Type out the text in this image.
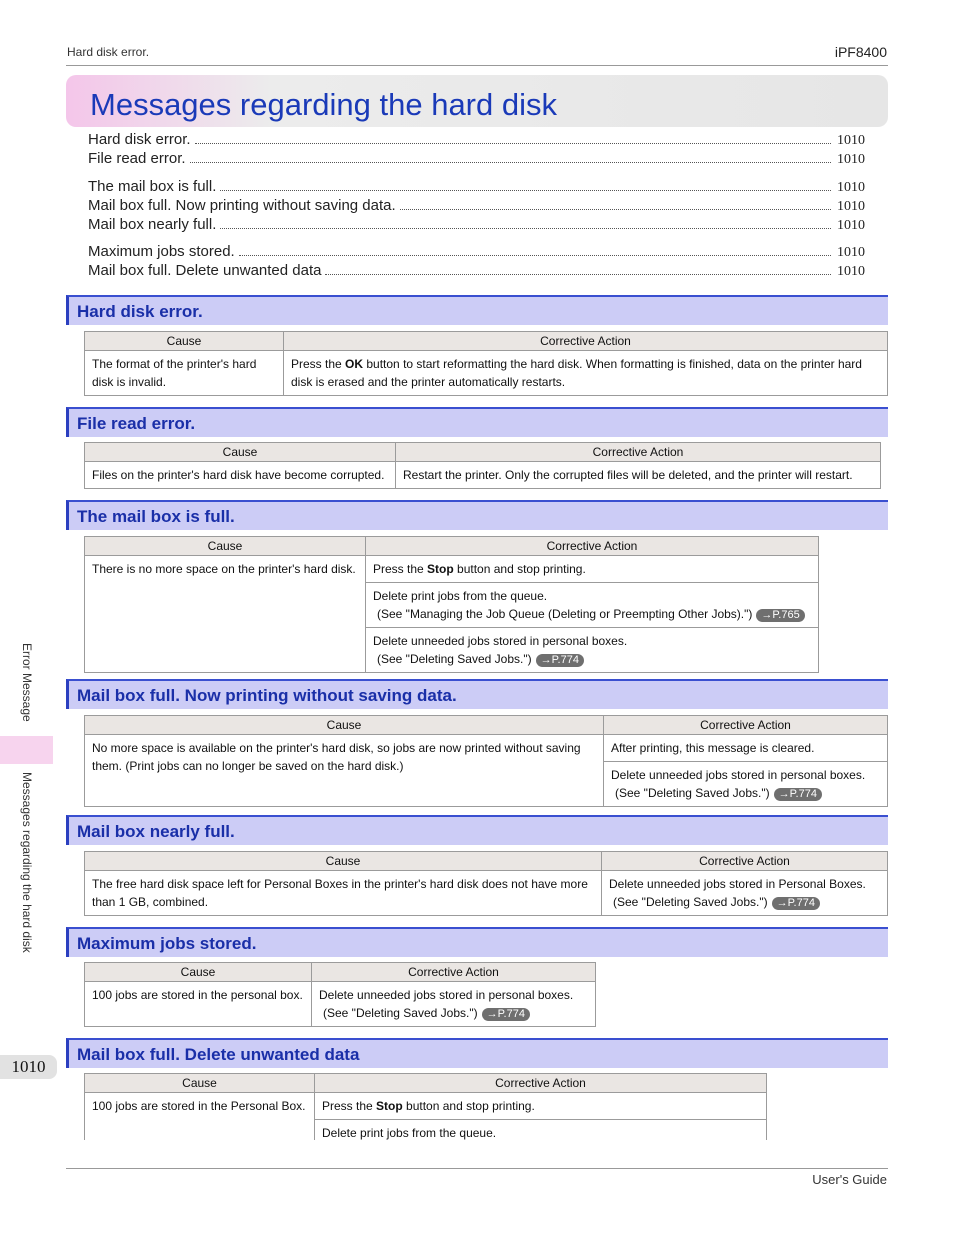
Hard disk error.	iPF8400
Messages regarding the hard disk
Hard disk error.	1010
File read error.	1010
The mail box is full.	1010
Mail box full. Now printing without saving data.	1010
Mail box nearly full.	1010
Maximum jobs stored.	1010
Mail box full. Delete unwanted data	1010
Hard disk error.
Cause	Corrective Action
The format of the printer's hard disk is invalid.	Press the OK button to start reformatting the hard disk. When formatting is finished, data on the printer hard disk is erased and the printer automatically restarts.
File read error.
Cause	Corrective Action
Files on the printer's hard disk have become corrupted.	Restart the printer. Only the corrupted files will be deleted, and the printer will restart.
The mail box is full.
Cause	Corrective Action
There is no more space on the printer's hard disk.	Press the Stop button and stop printing.

	Delete print jobs from the queue.
(See "Managing the Job Queue (Deleting or Preempting Other Jobs).") →P.765

	Delete unneeded jobs stored in personal boxes.
(See "Deleting Saved Jobs.") →P.774
Mail box full. Now printing without saving data.
Cause	Corrective Action
No more space is available on the printer's hard disk, so jobs are now printed without saving them. (Print jobs can no longer be saved on the hard disk.)	After printing, this message is cleared.

	Delete unneeded jobs stored in personal boxes.
(See "Deleting Saved Jobs.") →P.774
Mail box nearly full.
Cause	Corrective Action
The free hard disk space left for Personal Boxes in the printer's hard disk does not have more than 1 GB, combined.	Delete unneeded jobs stored in Personal Boxes.
(See "Deleting Saved Jobs.") →P.774
Maximum jobs stored.
Cause	Corrective Action
100 jobs are stored in the personal box.	Delete unneeded jobs stored in personal boxes.
(See "Deleting Saved Jobs.") →P.774
Mail box full. Delete unwanted data
Cause	Corrective Action
100 jobs are stored in the Personal Box.	Press the Stop button and stop printing.
	Delete print jobs from the queue.
Error Message
Messages regarding the hard disk
1010
User's Guide
